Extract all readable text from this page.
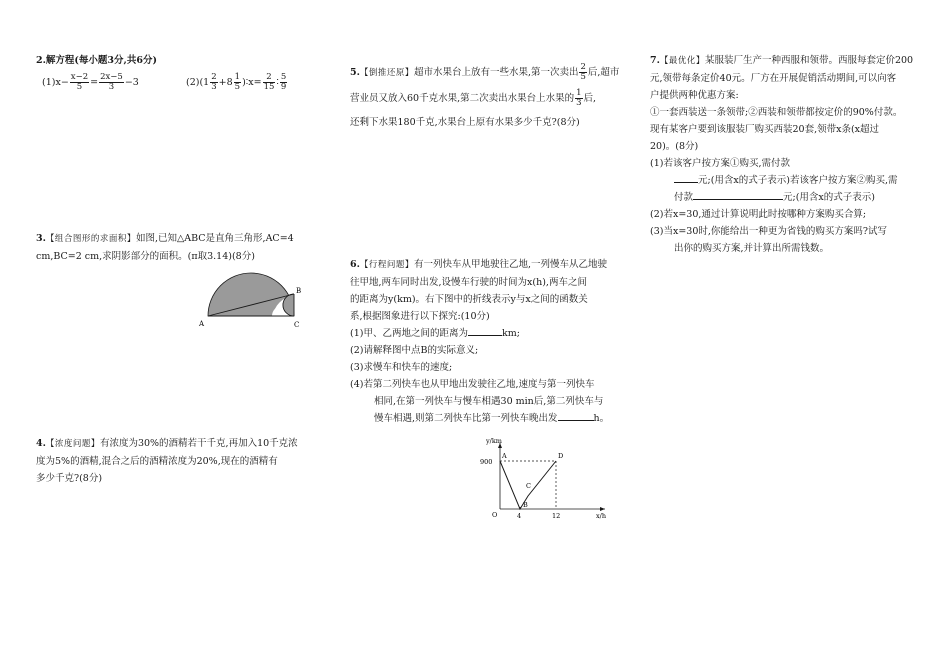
2.解方程(每小题3分,共6分)
$(1)x- \frac{x-2}{5} = \frac{2x-5}{3} -3$	$(2)(1 \frac{2}{3} +8 \frac{1}{5}$ )∶x= $\frac{2}{15}$ ∶ $\frac{5}{9}$
3.【组合图形的求面积】如图,已知△ABC是直角三角形,AC=4
cm,BC=2 cm,求阴影部分的面积。(π取3.14)(8分)
A
B
C
4.【浓度问题】有浓度为30%的酒精若干千克,再加入10千克浓
度为5%的酒精,混合之后的酒精浓度为20%,现在的酒精有
多少千克?(8分)
5.【倒推还原】超市水果台上放有一些水果,第一次卖出 $\frac{2}{5}$ 后,超市
营业员又放入60千克水果,第二次卖出水果台上水果的 $\frac{1}{3}$ 后,
还剩下水果180千克,水果台上原有水果多少千克?(8分)
6.【行程问题】有一列快车从甲地驶往乙地,一列慢车从乙地驶
往甲地,两车同时出发,设慢车行驶的时间为x(h),两车之间
的距离为y(km)。右下图中的折线表示y与x之间的函数关
系,根据图象进行以下探究:(10分)
(1)甲、乙两地之间的距离为	km;
(2)请解释图中点B的实际意义;
(3)求慢车和快车的速度;
(4)若第二列快车也从甲地出发驶往乙地,速度与第一列快车
相同,在第一列快车与慢车相遇30 min后,第二列快车与
慢车相遇,则第二列快车比第一列快车晚出发	h。
y/km
x/h
O
900
4	12
A
B
C
D
7.【最优化】某服装厂生产一种西服和领带。西服每套定价200
元,领带每条定价40元。厂方在开展促销活动期间,可以向客
户提供两种优惠方案:
①一套西装送一条领带;②西装和领带都按定价的90%付款。
现有某客户要到该服装厂购买西装20套,领带x条(x超过
20)。(8分)
(1)若该客户按方案①购买,需付款
元;(用含x的式子表示)若该客户按方案②购买,需
付款	元;(用含x的式子表示)
(2)若x=30,通过计算说明此时按哪种方案购买合算;
(3)当x=30时,你能给出一种更为省钱的购买方案吗?试写
出你的购买方案,并计算出所需钱数。
